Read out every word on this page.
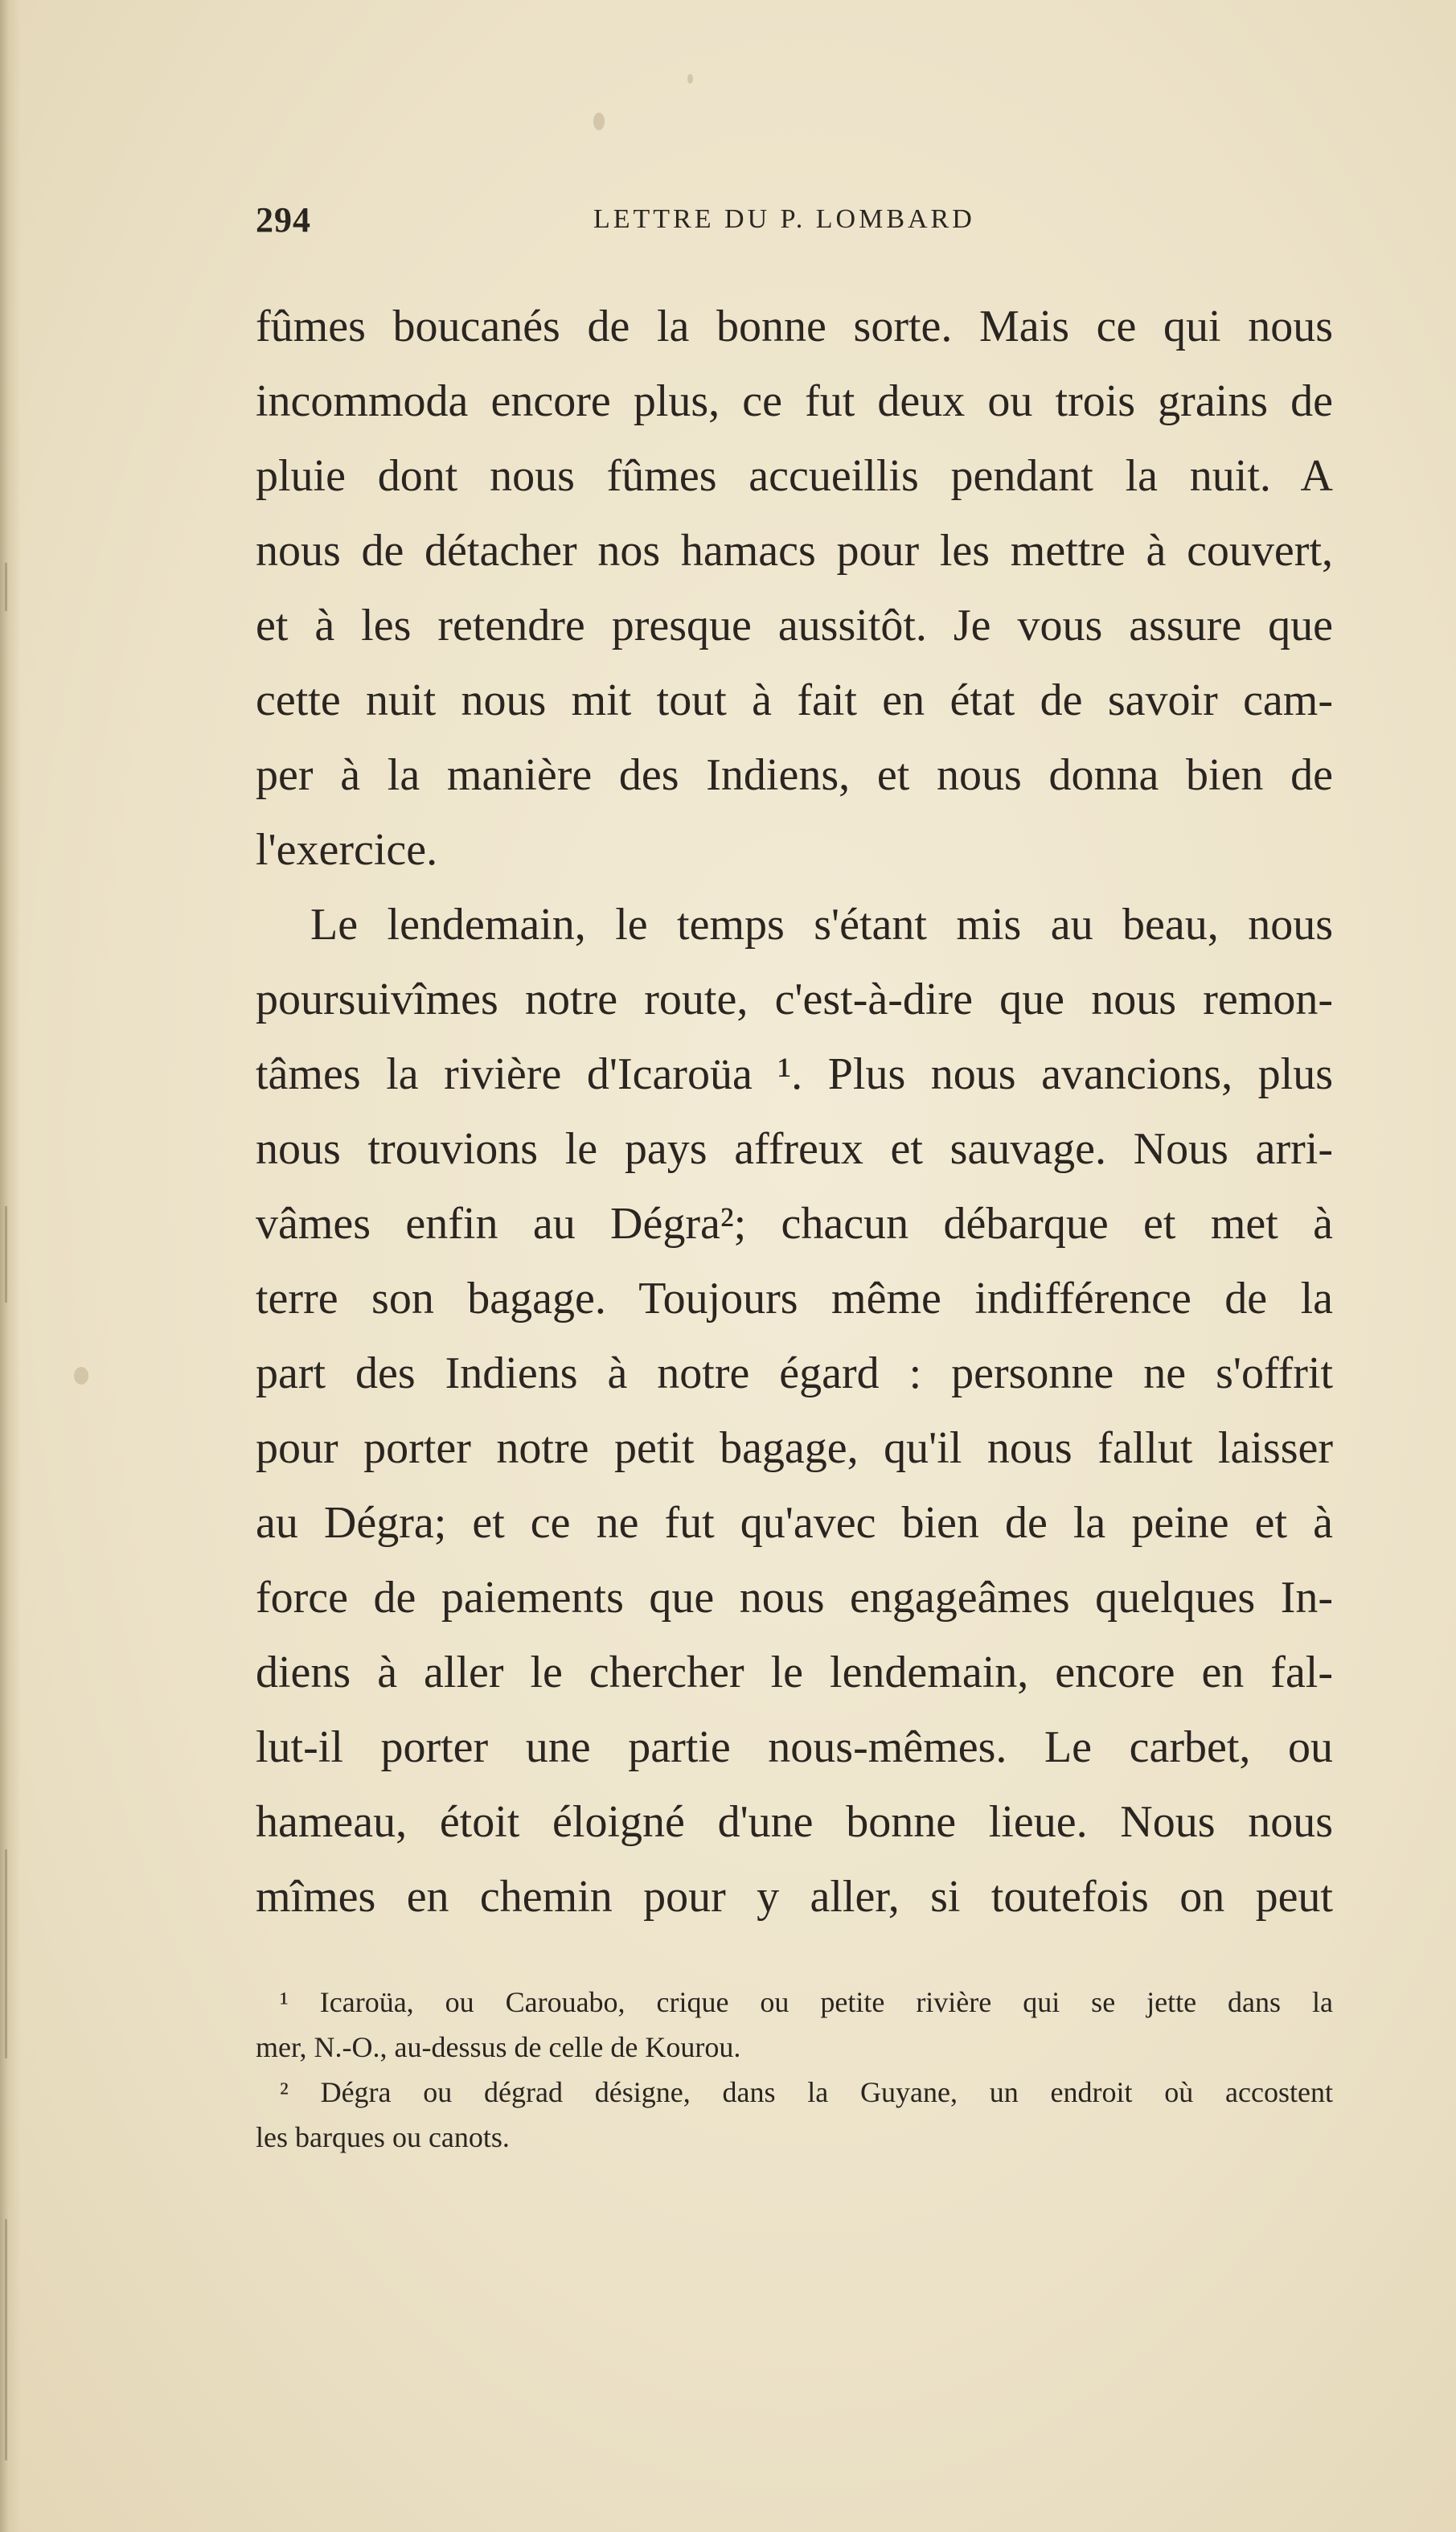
294	LETTRE DU P. LOMBARD
fûmes boucanés de la bonne sorte. Mais ce qui nous
incommoda encore plus, ce fut deux ou trois grains de
pluie dont nous fûmes accueillis pendant la nuit. A
nous de détacher nos hamacs pour les mettre à couvert,
et à les retendre presque aussitôt. Je vous assure que
cette nuit nous mit tout à fait en état de savoir cam-
per à la manière des Indiens, et nous donna bien de
l'exercice.
Le lendemain, le temps s'étant mis au beau, nous
poursuivîmes notre route, c'est-à-dire que nous remon-
tâmes la rivière d'Icaroüa ¹. Plus nous avancions, plus
nous trouvions le pays affreux et sauvage. Nous arri-
vâmes enfin au Dégra²; chacun débarque et met à
terre son bagage. Toujours même indifférence de la
part des Indiens à notre égard : personne ne s'offrit
pour porter notre petit bagage, qu'il nous fallut laisser
au Dégra; et ce ne fut qu'avec bien de la peine et à
force de paiements que nous engageâmes quelques In-
diens à aller le chercher le lendemain, encore en fal-
lut-il porter une partie nous-mêmes. Le carbet, ou
hameau, étoit éloigné d'une bonne lieue. Nous nous
mîmes en chemin pour y aller, si toutefois on peut
¹ Icaroüa, ou Carouabo, crique ou petite rivière qui se jette dans la
mer, N.-O., au-dessus de celle de Kourou.
² Dégra ou dégrad désigne, dans la Guyane, un endroit où accostent
les barques ou canots.
